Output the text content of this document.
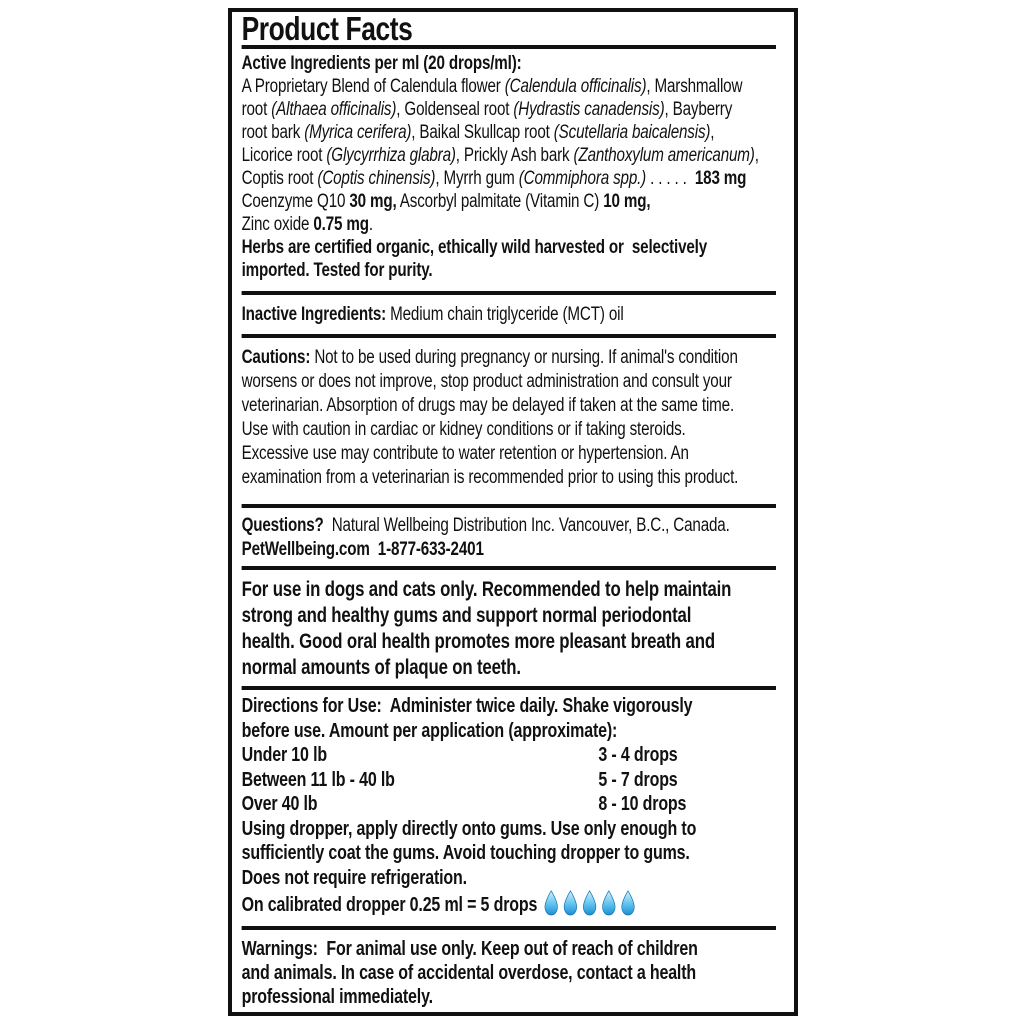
Product Facts
Active Ingredients per ml (20 drops/ml):
A Proprietary Blend of Calendula flower (Calendula officinalis), Marshmallow
root (Althaea officinalis), Goldenseal root (Hydrastis canadensis), Bayberry
root bark (Myrica cerifera), Baikal Skullcap root (Scutellaria baicalensis),
Licorice root (Glycyrrhiza glabra), Prickly Ash bark (Zanthoxylum americanum),
Coptis root (Coptis chinensis), Myrrh gum (Commiphora spp.) . . . . .  183 mg
Coenzyme Q10 30 mg, Ascorbyl palmitate (Vitamin C) 10 mg,
Zinc oxide 0.75 mg.
Herbs are certified organic, ethically wild harvested or  selectively
imported. Tested for purity.
Inactive Ingredients: Medium chain triglyceride (MCT) oil
Cautions: Not to be used during pregnancy or nursing. If animal's condition
worsens or does not improve, stop product administration and consult your
veterinarian. Absorption of drugs may be delayed if taken at the same time.
Use with caution in cardiac or kidney conditions or if taking steroids.
Excessive use may contribute to water retention or hypertension. An
examination from a veterinarian is recommended prior to using this product.
Questions?  Natural Wellbeing Distribution Inc. Vancouver, B.C., Canada.
PetWellbeing.com  1-877-633-2401
For use in dogs and cats only. Recommended to help maintain
strong and healthy gums and support normal periodontal
health. Good oral health promotes more pleasant breath and
normal amounts of plaque on teeth.
Directions for Use:  Administer twice daily. Shake vigorously
before use. Amount per application (approximate):
Under 10 lb	3 - 4 drops
Between 11 lb - 40 lb	5 - 7 drops
Over 40 lb	8 - 10 drops
Using dropper, apply directly onto gums. Use only enough to
sufficiently coat the gums. Avoid touching dropper to gums.
Does not require refrigeration.
On calibrated dropper 0.25 ml = 5 drops
Warnings:  For animal use only. Keep out of reach of children
and animals. In case of accidental overdose, contact a health
professional immediately.
